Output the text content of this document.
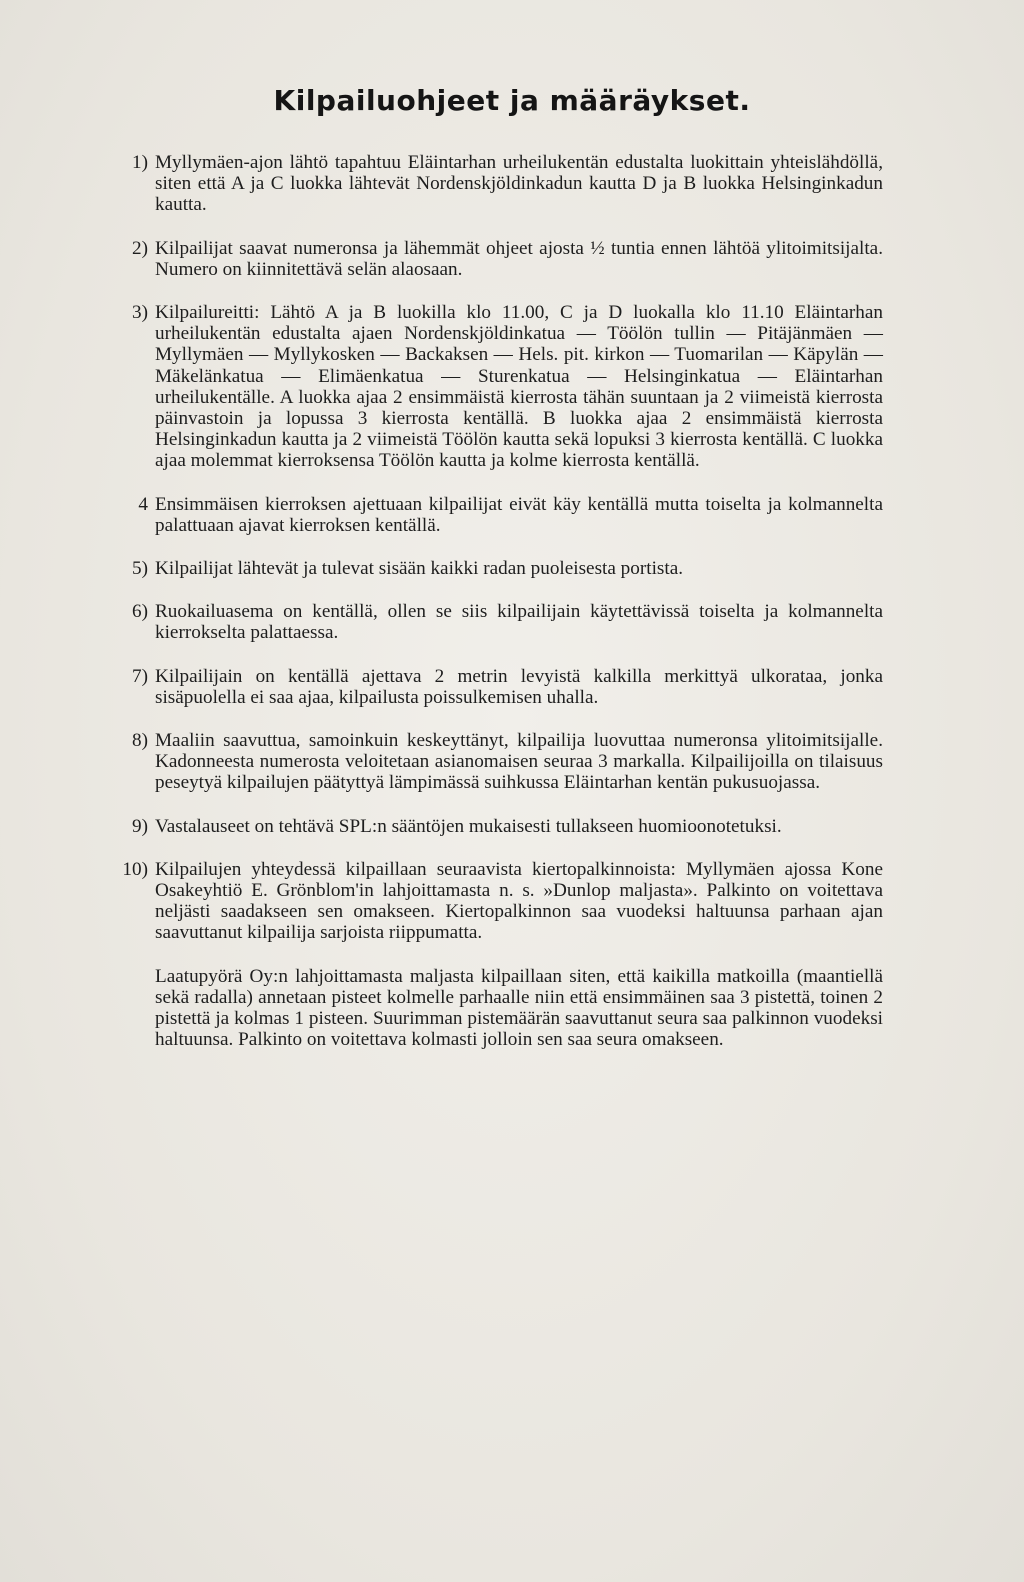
Kilpailuohjeet ja määräykset.
1) Myllymäen-ajon lähtö tapahtuu Eläintarhan urheilukentän edustalta luokittain yhteislähdöllä, siten että A ja C luokka lähtevät Nordenskjöldinkadun kautta D ja B luokka Helsinginkadun kautta.
2) Kilpailijat saavat numeronsa ja lähemmät ohjeet ajosta ½ tuntia ennen lähtöä ylitoimitsijalta. Numero on kiinnitettävä selän alaosaan.
3) Kilpailureitti: Lähtö A ja B luokilla klo 11.00, C ja D luokalla klo 11.10 Eläintarhan urheilukentän edustalta ajaen Nordenskjöldinkatua — Töölön tullin — Pitäjänmäen — Myllymäen — Myllykosken — Backaksen — Hels. pit. kirkon — Tuomarilan — Käpylän — Mäkelänkatua — Elimäenkatua — Sturenkatua — Helsinginkatua — Eläintarhan urheilukentälle. A luokka ajaa 2 ensimmäistä kierrosta tähän suuntaan ja 2 viimeistä kierrosta päinvastoin ja lopussa 3 kierrosta kentällä. B luokka ajaa 2 ensimmäistä kierrosta Helsinginkadun kautta ja 2 viimeistä Töölön kautta sekä lopuksi 3 kierrosta kentällä. C luokka ajaa molemmat kierroksensa Töölön kautta ja kolme kierrosta kentällä.
4 Ensimmäisen kierroksen ajettuaan kilpailijat eivät käy kentällä mutta toiselta ja kolmannelta palattuaan ajavat kierroksen kentällä.
5) Kilpailijat lähtevät ja tulevat sisään kaikki radan puoleisesta portista.
6) Ruokailuasema on kentällä, ollen se siis kilpailijain käytettävissä toiselta ja kolmannelta kierrokselta palattaessa.
7) Kilpailijain on kentällä ajettava 2 metrin levyistä kalkilla merkittyä ulkorataa, jonka sisäpuolella ei saa ajaa, kilpailusta poissulkemisen uhalla.
8) Maaliin saavuttua, samoinkuin keskeyttänyt, kilpailija luovuttaa numeronsa ylitoimitsijalle. Kadonneesta numerosta veloitetaan asianomaisen seuraa 3 markalla. Kilpailijoilla on tilaisuus peseytyä kilpailujen päätyttyä lämpimässä suihkussa Eläintarhan kentän pukusuojassa.
9) Vastalauseet on tehtävä SPL:n sääntöjen mukaisesti tullakseen huomioonotetuksi.
10) Kilpailujen yhteydessä kilpaillaan seuraavista kiertopalkinnoista: Myllymäen ajossa Kone Osakeyhtiö E. Grönblom'in lahjoittamasta n. s. »Dunlop maljasta». Palkinto on voitettava neljästi saadakseen sen omakseen. Kiertopalkinnon saa vuodeksi haltuunsa parhaan ajan saavuttanut kilpailija sarjoista riippumatta.
Laatupyörä Oy:n lahjoittamasta maljasta kilpaillaan siten, että kaikilla matkoilla (maantiellä sekä radalla) annetaan pisteet kolmelle parhaalle niin että ensimmäinen saa 3 pistettä, toinen 2 pistettä ja kolmas 1 pisteen. Suurimman pistemäärän saavuttanut seura saa palkinnon vuodeksi haltuunsa. Palkinto on voitettava kolmasti jolloin sen saa seura omakseen.
